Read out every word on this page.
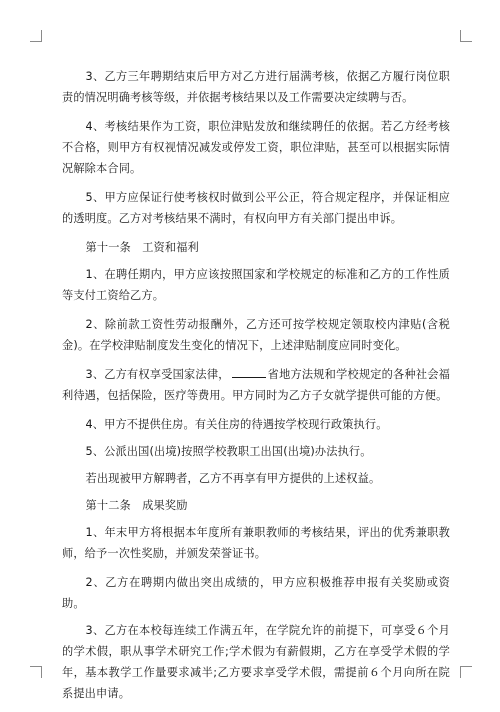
3、乙方三年聘期结束后甲方对乙方进行届满考核，依据乙方履行岗位职责的情况明确考核等级，并依据考核结果以及工作需要决定续聘与否。

4、考核结果作为工资，职位津贴发放和继续聘任的依据。若乙方经考核不合格，则甲方有权视情况减发或停发工资，职位津贴，甚至可以根据实际情况解除本合同。

5、甲方应保证行使考核权时做到公平公正，符合规定程序，并保证相应的透明度。乙方对考核结果不满时，有权向甲方有关部门提出申诉。

第十一条　工资和福利

1、在聘任期内，甲方应该按照国家和学校规定的标准和乙方的工作性质等支付工资给乙方。

2、除前款工资性劳动报酬外，乙方还可按学校规定领取校内津贴(含税金)。在学校津贴制度发生变化的情况下，上述津贴制度应同时变化。

3、乙方有权享受国家法律，	省地方法规和学校规定的各种社会福利待遇，包括保险，医疗等费用。甲方同时为乙方子女就学提供可能的方便。

4、甲方不提供住房。有关住房的待遇按学校现行政策执行。

5、公派出国(出境)按照学校教职工出国(出境)办法执行。

若出现被甲方解聘者，乙方不再享有甲方提供的上述权益。

第十二条　成果奖励

1、年末甲方将根据本年度所有兼职教师的考核结果，评出的优秀兼职教师，给予一次性奖励，并颁发荣誉证书。

2、乙方在聘期内做出突出成绩的，甲方应积极推荐申报有关奖励或资助。

3、乙方在本校每连续工作满五年，在学院允许的前提下，可享受６个月的学术假，职从事学术研究工作;学术假为有薪假期，乙方在享受学术假的学年，基本教学工作量要求减半;乙方要求享受学术假，需提前６个月向所在院系提出申请。
